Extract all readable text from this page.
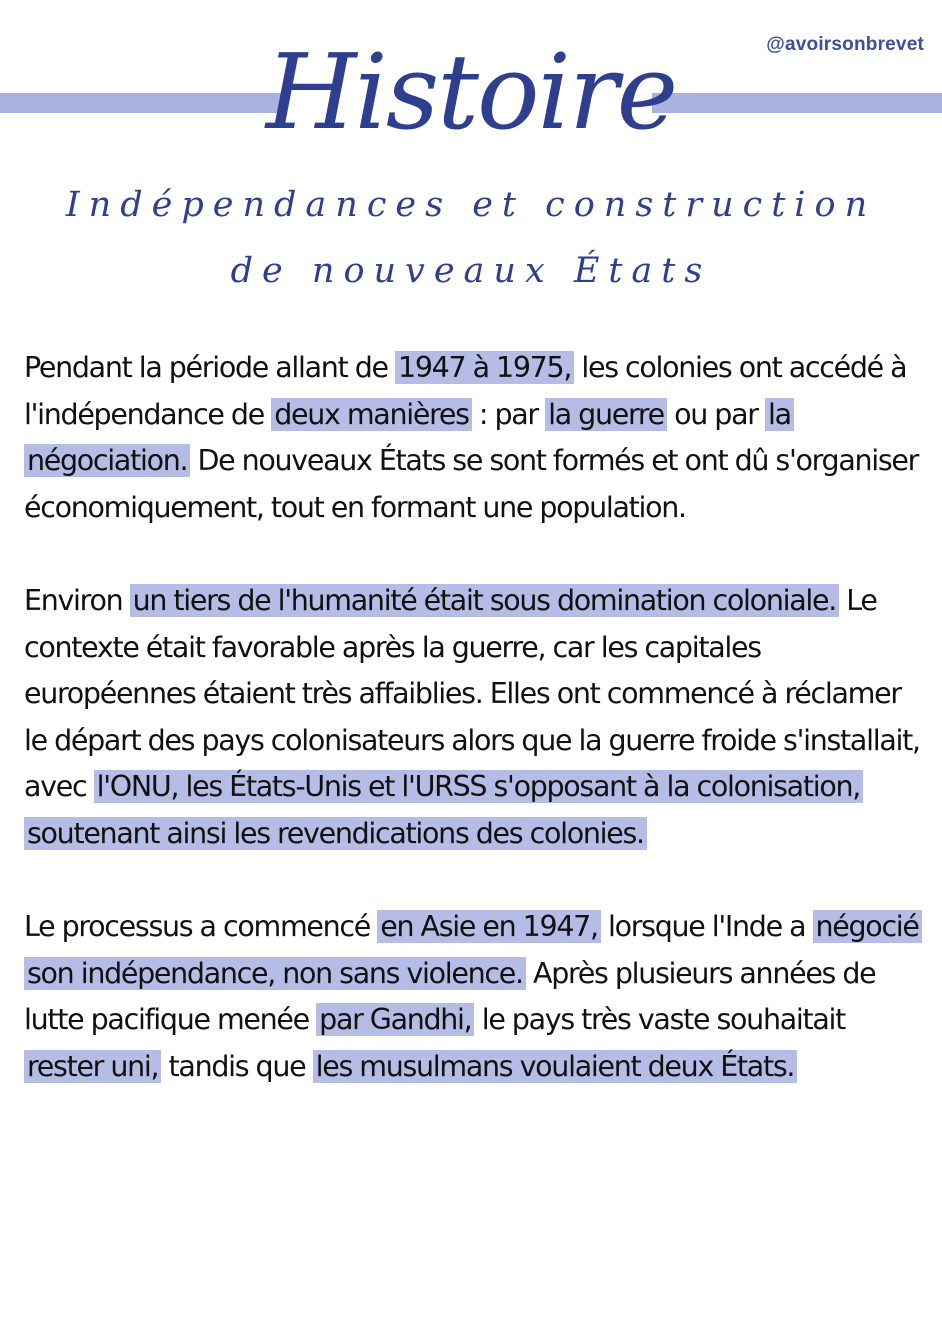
@avoirsonbrevet
Histoire
Indépendances et construction de nouveaux États

Pendant la période allant de 1947 à 1975, les colonies ont accédé à l'indépendance de deux manières : par la guerre ou par la négociation. De nouveaux États se sont formés et ont dû s'organiser économiquement, tout en formant une population.

Environ un tiers de l'humanité était sous domination coloniale. Le contexte était favorable après la guerre, car les capitales européennes étaient très affaiblies. Elles ont commencé à réclamer le départ des pays colonisateurs alors que la guerre froide s'installait, avec l'ONU, les États-Unis et l'URSS s'opposant à la colonisation, soutenant ainsi les revendications des colonies.

Le processus a commencé en Asie en 1947, lorsque l'Inde a négocié son indépendance, non sans violence. Après plusieurs années de lutte pacifique menée par Gandhi, le pays très vaste souhaitait rester uni, tandis que les musulmans voulaient deux États.
